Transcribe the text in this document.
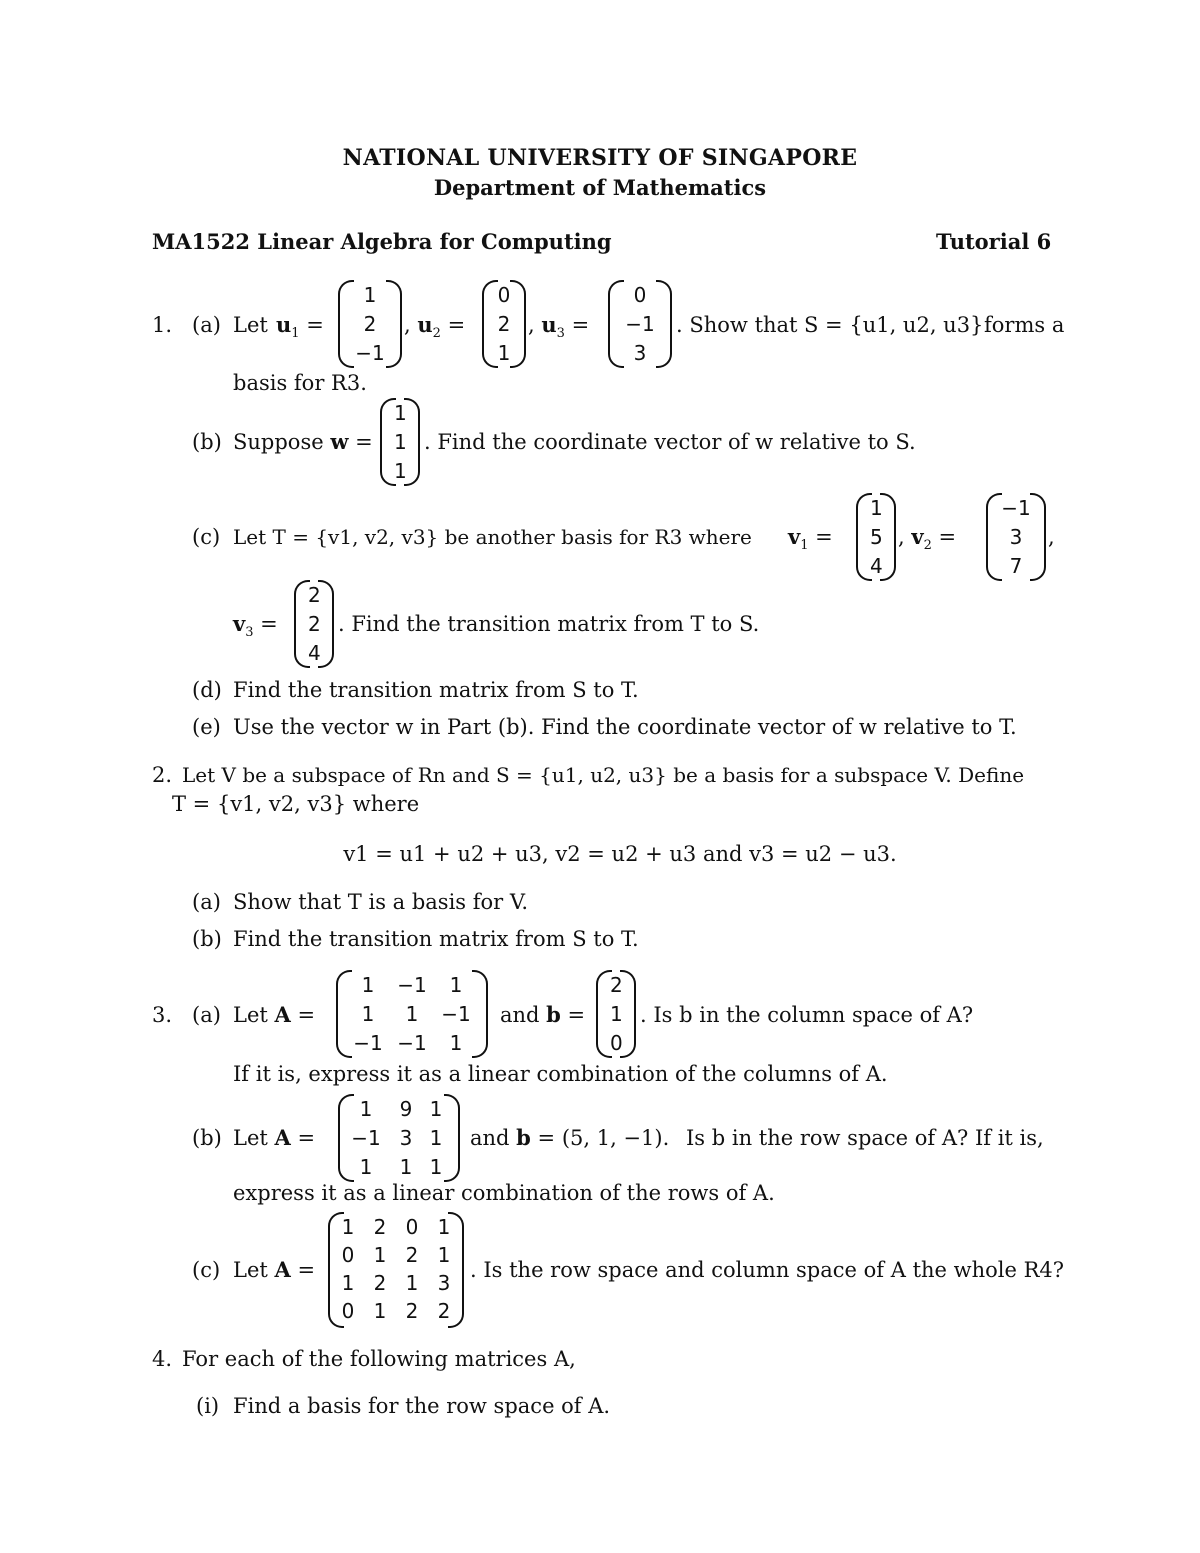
NATIONAL UNIVERSITY OF SINGAPORE
Department of Mathematics
MA1522 Linear Algebra for Computing	Tutorial 6
1. (a) Let $u_1$ =
1
2
−1
, $u_2$ =
0
2
1
, $u_3$ =
0
−1
3
. Show that S = {u1, u2, u3} forms a
basis for R3.
(b) Suppose w =
1
1
1
. Find the coordinate vector of w relative to S.
(c) Let T = {v1, v2, v3} be another basis for R3 where $v_1$ =
1
5
4
, $v_2$ =
−1
3
7
,
$v_3$ =
2
2
4
. Find the transition matrix from T to S.
(d) Find the transition matrix from S to T.
(e) Use the vector w in Part (b). Find the coordinate vector of w relative to T.
2. Let V be a subspace of Rn and S = {u1, u2, u3} be a basis for a subspace V. Define
T = {v1, v2, v3} where
v1 = u1 + u2 + u3, v2 = u2 + u3 and v3 = u2 − u3.
(a) Show that T is a basis for V.
(b) Find the transition matrix from S to T.
3. (a) Let A =
1	−1	1
1	1	−1
−1 −1	1
and b =
2
1
0
. Is b in the column space of A?
If it is, express it as a linear combination of the columns of A.
(b) Let A =
1	9 1
−1 3 1
1	1 1
and b = (5, 1, −1). Is b in the row space of A? If it is,
express it as a linear combination of the rows of A.
(c) Let A =
1 2 0 1
0 1 2 1
1 2 1 3
0 1 2 2
. Is the row space and column space of A the whole R4?
4. For each of the following matrices A,
(i) Find a basis for the row space of A.
